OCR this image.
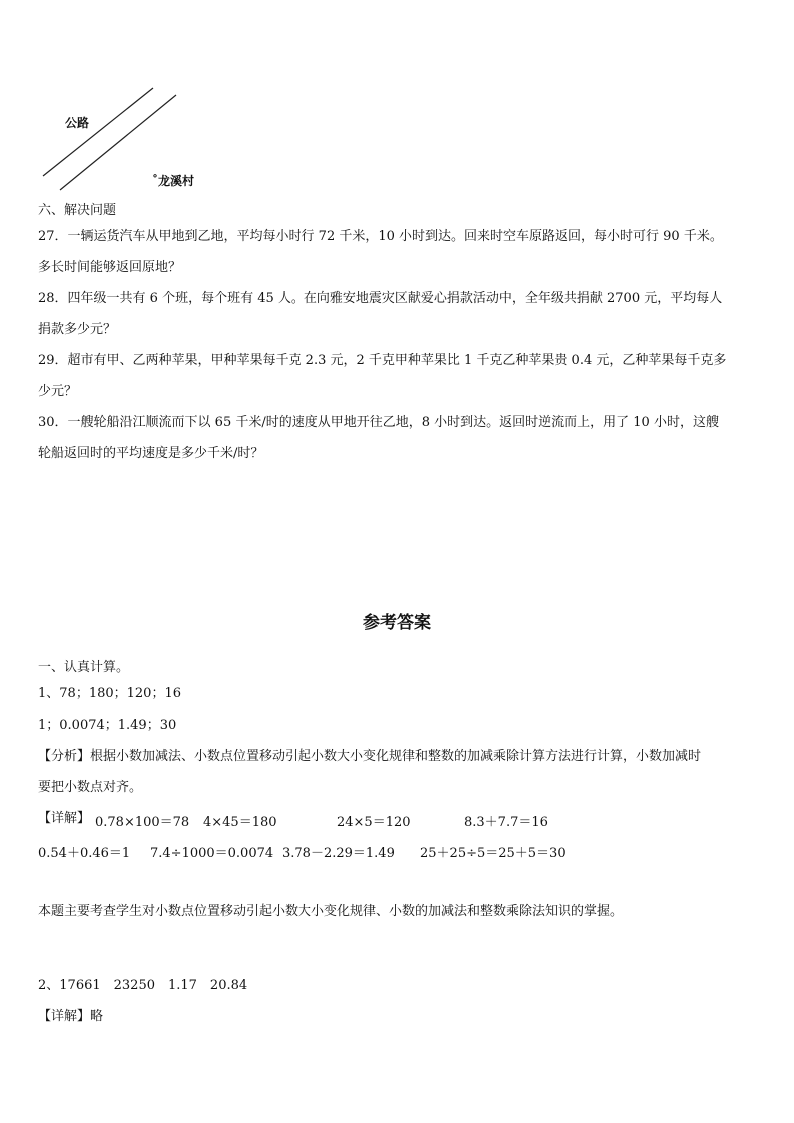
公路
˚龙溪村
六、解决问题
27．一辆运货汽车从甲地到乙地，平均每小时行 72 千米，10 小时到达。回来时空车原路返回，每小时可行 90 千米。
多长时间能够返回原地？
28．四年级一共有 6 个班，每个班有 45 人。在向雅安地震灾区献爱心捐款活动中，全年级共捐献 2700 元，平均每人
捐款多少元？
29．超市有甲、乙两种苹果，甲种苹果每千克 2.3 元，2 千克甲种苹果比 1 千克乙种苹果贵 0.4 元，乙种苹果每千克多
少元？
30．一艘轮船沿江顺流而下以 65 千米/时的速度从甲地开往乙地，8 小时到达。返回时逆流而上，用了 10 小时，这艘
轮船返回时的平均速度是多少千米/时？
参考答案
一、认真计算。
1、78；180；120；16
1；0.0074；1.49；30
【分析】根据小数加减法、小数点位置移动引起小数大小变化规律和整数的加减乘除计算方法进行计算，小数加减时
要把小数点对齐。
【详解】 0.78×100＝78 4×45＝180	24×5＝120	8.3＋7.7＝16
0.54＋0.46＝1 7.4÷1000＝0.0074 3.78－2.29＝1.49 25＋25÷5＝25＋5＝30
本题主要考查学生对小数点位置移动引起小数大小变化规律、小数的加减法和整数乘除法知识的掌握。
2、17661　23250　1.17　20.84
【详解】略
